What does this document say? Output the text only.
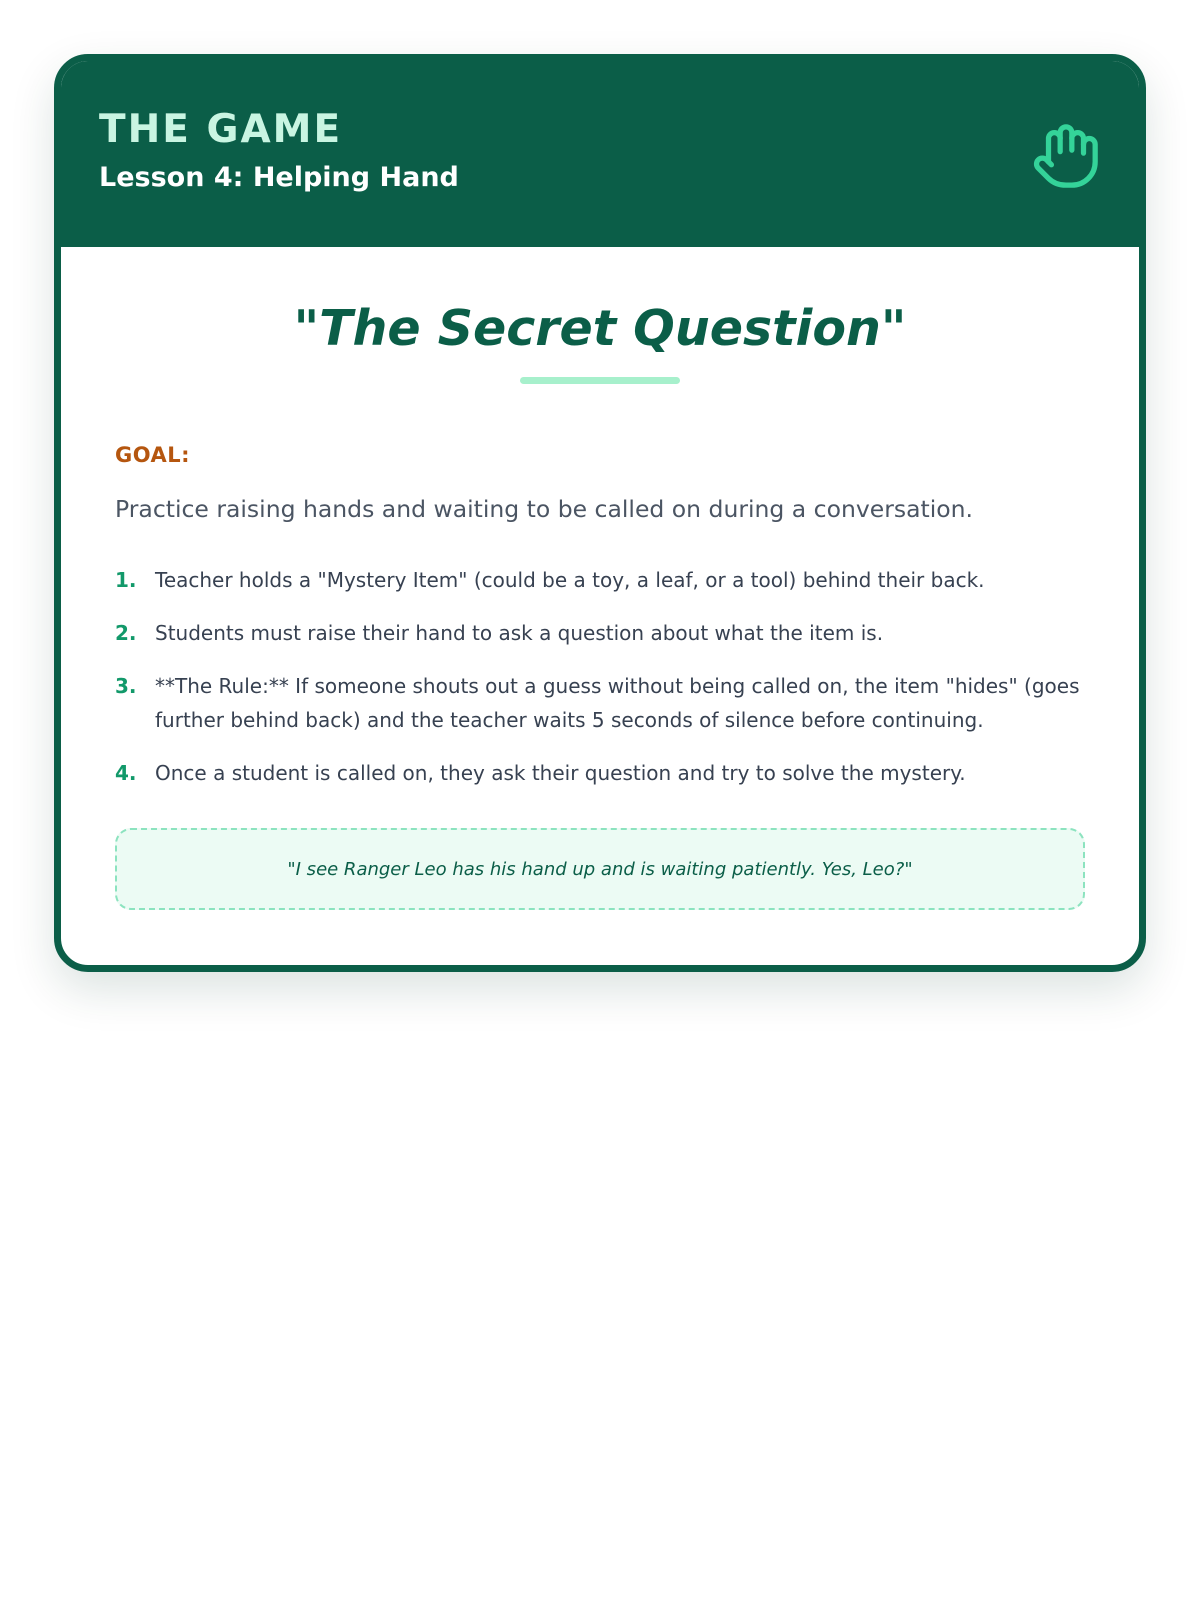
THE GAME
Lesson 4: Helping Hand
"The Secret Question"
GOAL:
Practice raising hands and waiting to be called on during a conversation.
1. Teacher holds a "Mystery Item" (could be a toy, a leaf, or a tool) behind their back.
2. Students must raise their hand to ask a question about what the item is.
3. **The Rule:** If someone shouts out a guess without being called on, the item "hides" (goes further behind back) and the teacher waits 5 seconds of silence before continuing.
4. Once a student is called on, they ask their question and try to solve the mystery.
"I see Ranger Leo has his hand up and is waiting patiently. Yes, Leo?"
